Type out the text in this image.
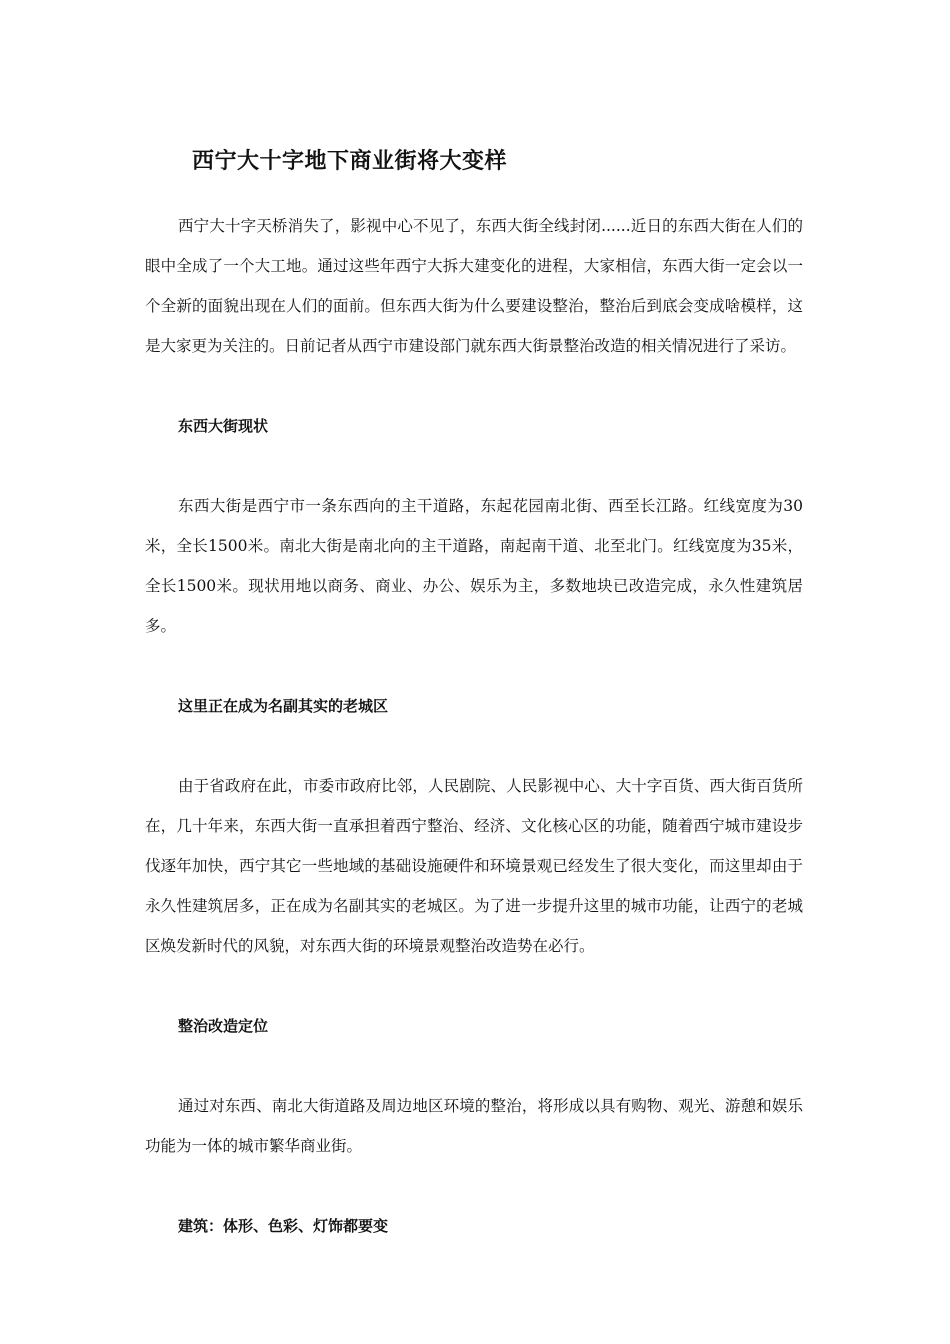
西宁大十字地下商业街将大变样

西宁大十字天桥消失了，影视中心不见了，东西大街全线封闭......近日的东西大街在人们的眼中全成了一个大工地。通过这些年西宁大拆大建变化的进程，大家相信，东西大街一定会以一个全新的面貌出现在人们的面前。但东西大街为什么要建设整治，整治后到底会变成啥模样，这是大家更为关注的。日前记者从西宁市建设部门就东西大街景整治改造的相关情况进行了采访。

东西大街现状

东西大街是西宁市一条东西向的主干道路，东起花园南北街、西至长江路。红线宽度为30米，全长1500米。南北大街是南北向的主干道路，南起南干道、北至北门。红线宽度为35米，全长1500米。现状用地以商务、商业、办公、娱乐为主，多数地块已改造完成，永久性建筑居多。

这里正在成为名副其实的老城区

由于省政府在此，市委市政府比邻，人民剧院、人民影视中心、大十字百货、西大街百货所在，几十年来，东西大街一直承担着西宁整治、经济、文化核心区的功能，随着西宁城市建设步伐逐年加快，西宁其它一些地域的基础设施硬件和环境景观已经发生了很大变化，而这里却由于永久性建筑居多，正在成为名副其实的老城区。为了进一步提升这里的城市功能，让西宁的老城区焕发新时代的风貌，对东西大街的环境景观整治改造势在必行。

整治改造定位

通过对东西、南北大街道路及周边地区环境的整治，将形成以具有购物、观光、游憩和娱乐功能为一体的城市繁华商业街。

建筑：体形、色彩、灯饰都要变
